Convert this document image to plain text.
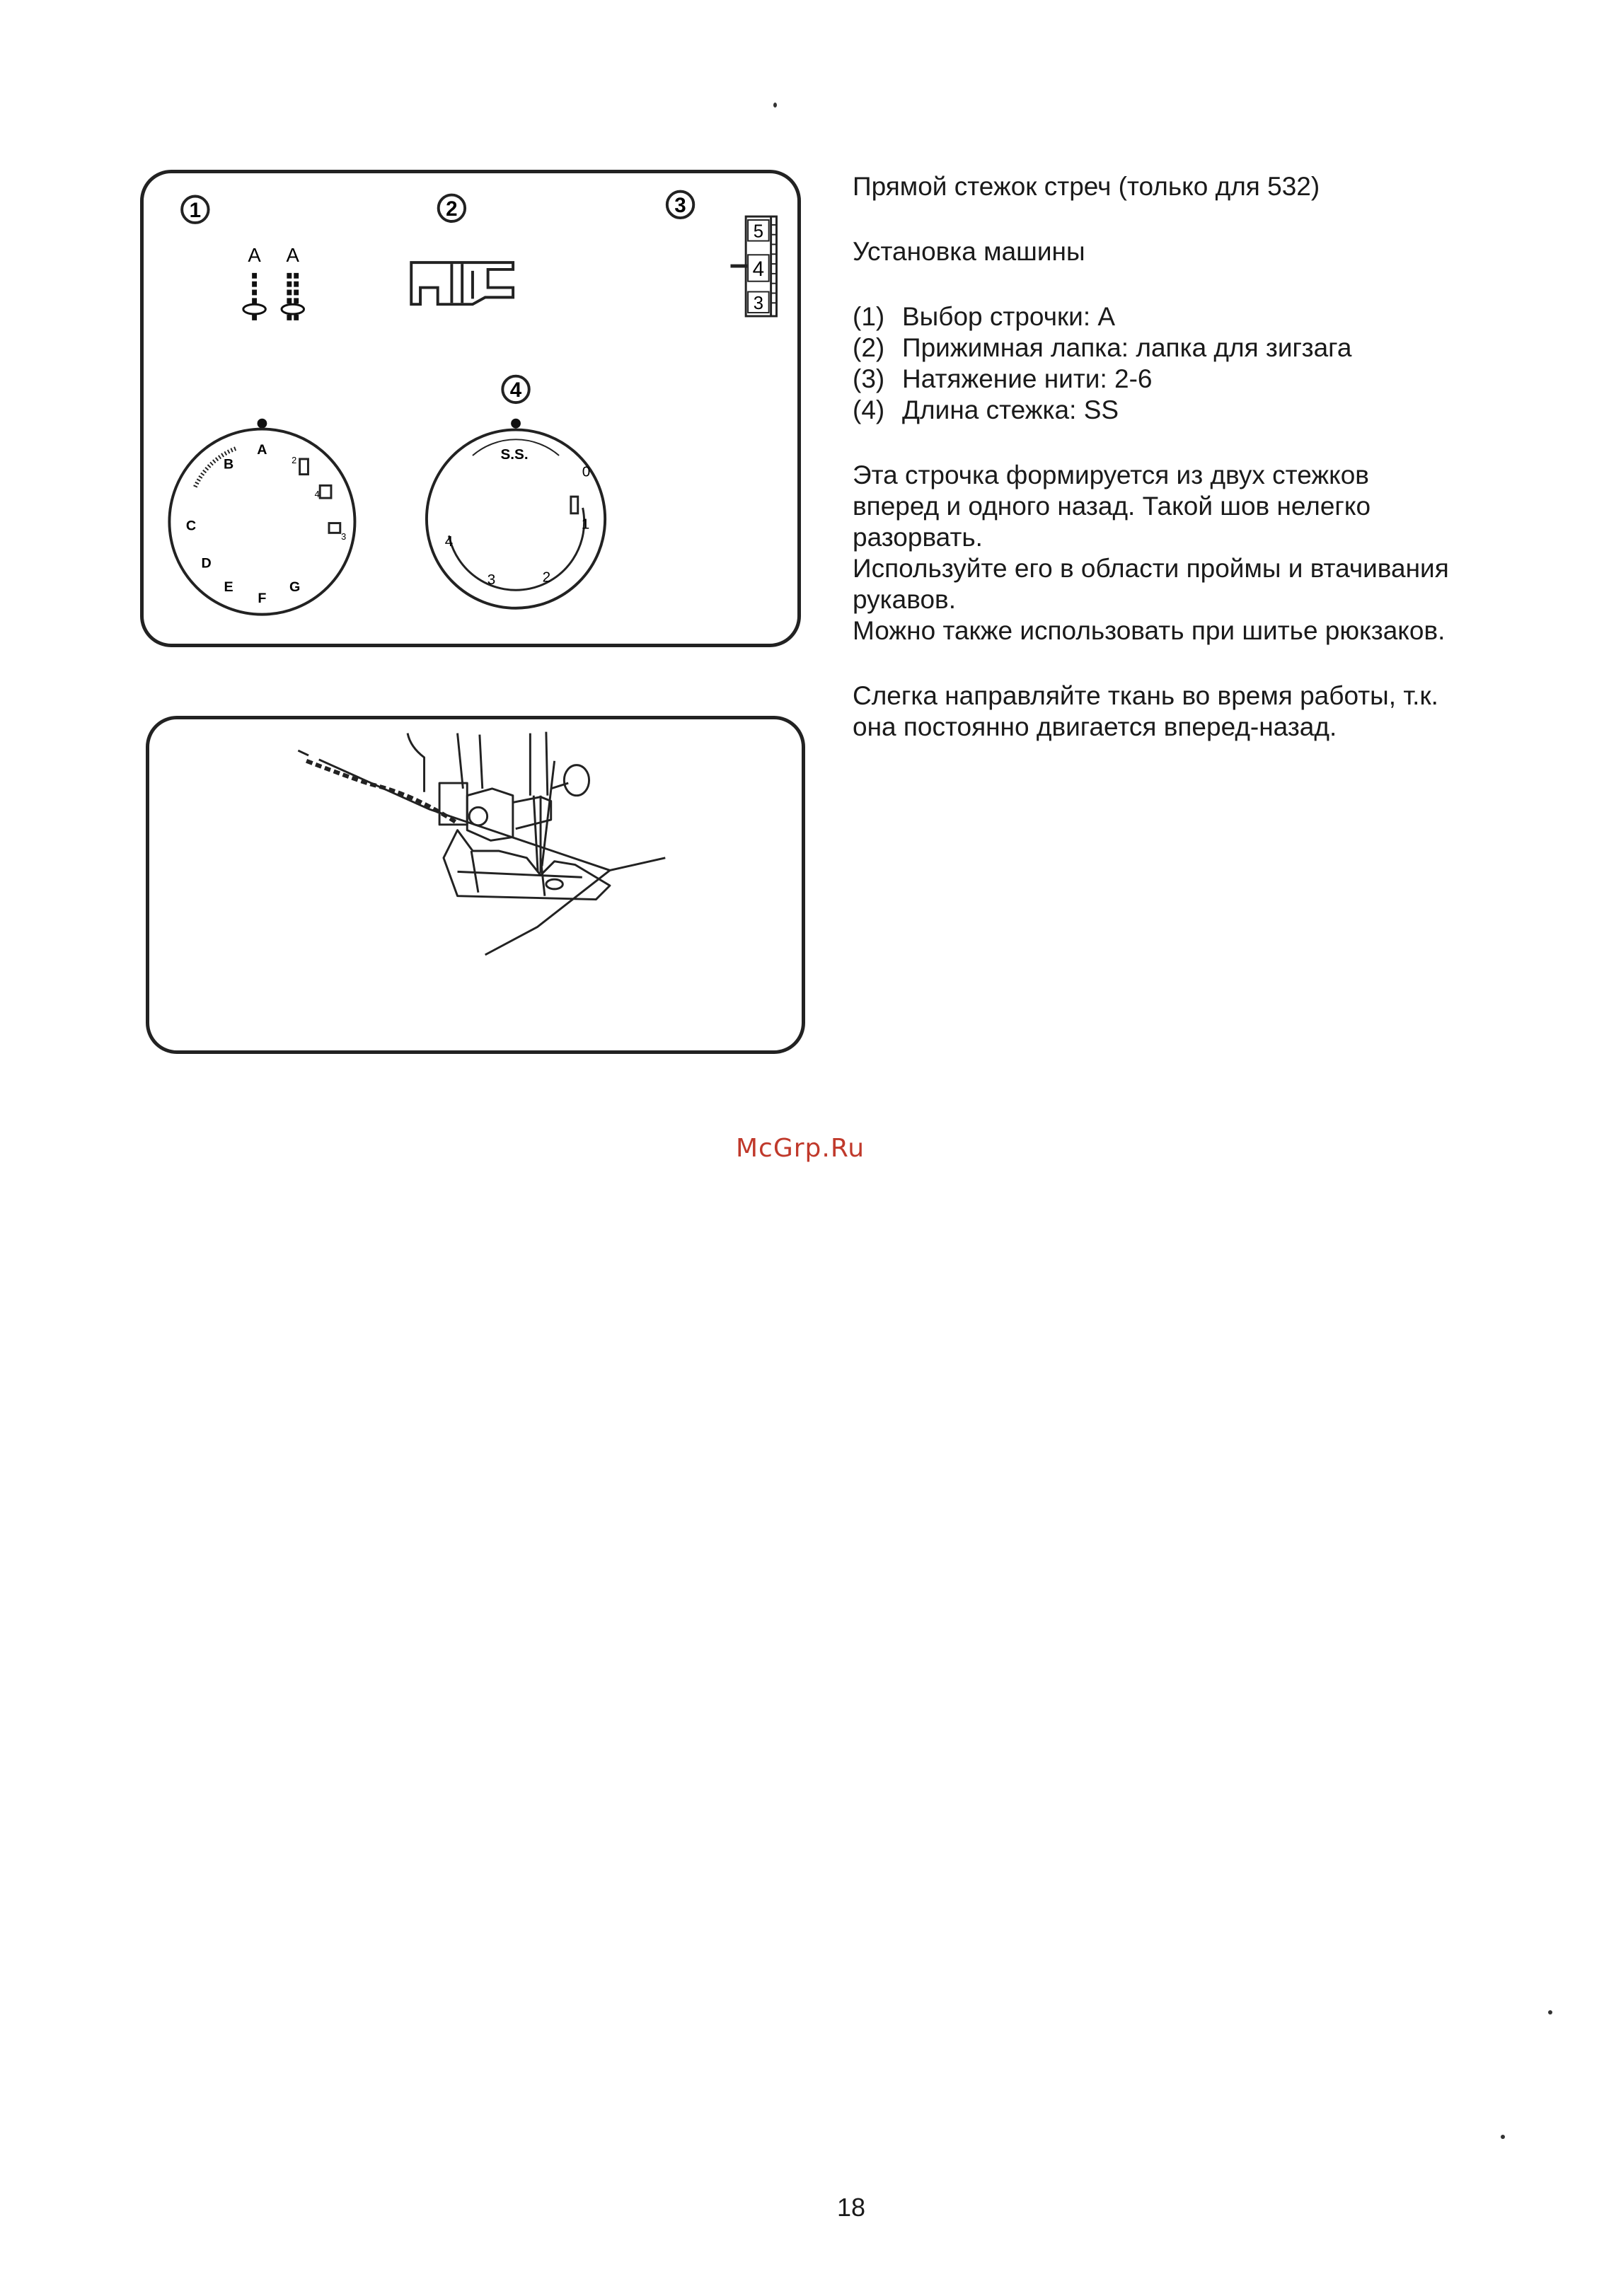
1	2	3
4
A A
5
4
3
A
B
C
D
E
F
G
2
4
3
S.S.
0
1
2
3
4

Прямой стежок стреч (только для 532)

Установка машины

(1) Выбор строчки: A
(2) Прижимная лапка: лапка для зигзага
(3) Натяжение нити: 2-6
(4) Длина стежка: SS

Эта строчка формируется из двух стежков

вперед и одного назад. Такой шов нелегко

разорвать.

Используйте его в области проймы и втачивания

рукавов.

Можно также использовать при шитье рюкзаков.

Слегка направляйте ткань во время работы, т.к.

она постоянно двигается вперед-назад.

McGrp.Ru
18
